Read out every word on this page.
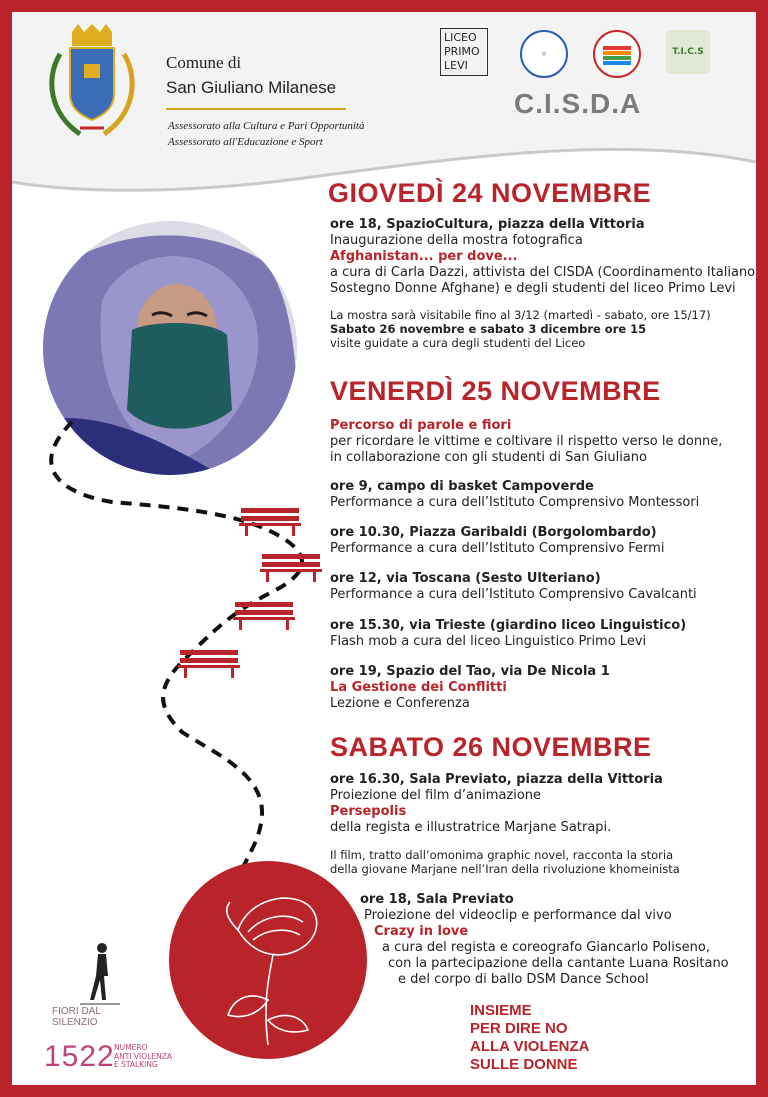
Comune di
San Giuliano Milanese
Assessorato alla Cultura e Pari Opportunità
Assessorato all'Educazione e Sport
LICEO
PRIMO
LEVI
◎	T.I.C.S
C.I.S.D.A
GIOVEDÌ 24 NOVEMBRE
ore 18, SpazioCultura, piazza della Vittoria
Inaugurazione della mostra fotografica
Afghanistan... per dove...
a cura di Carla Dazzi, attivista del CISDA (Coordinamento Italiano
Sostegno Donne Afghane) e degli studenti del liceo Primo Levi
La mostra sarà visitabile fino al 3/12 (martedì - sabato, ore 15/17)
Sabato 26 novembre e sabato 3 dicembre ore 15
visite guidate a cura degli studenti del Liceo
VENERDÌ 25 NOVEMBRE
Percorso di parole e fiori
per ricordare le vittime e coltivare il rispetto verso le donne,
in collaborazione con gli studenti di San Giuliano
ore 9, campo di basket Campoverde
Performance a cura dell’Istituto Comprensivo Montessori
ore 10.30, Piazza Garibaldi (Borgolombardo)
Performance a cura dell’Istituto Comprensivo Fermi
ore 12, via Toscana (Sesto Ulteriano)
Performance a cura dell’Istituto Comprensivo Cavalcanti
ore 15.30, via Trieste (giardino liceo Linguistico)
Flash mob a cura del liceo Linguistico Primo Levi
ore 19, Spazio del Tao, via De Nicola 1
La Gestione dei Conflitti
Lezione e Conferenza
SABATO 26 NOVEMBRE
ore 16.30, Sala Previato, piazza della Vittoria
Proiezione del film d’animazione
Persepolis
della regista e illustratrice Marjane Satrapi.
Il film, tratto dall’omonima graphic novel, racconta la storia
della giovane Marjane nell’Iran della rivoluzione khomeinista
ore 18, Sala Previato
Proiezione del videoclip e performance dal vivo
Crazy in love
a cura del regista e coreografo Giancarlo Poliseno,
con la partecipazione della cantante Luana Rositano
e del corpo di ballo DSM Dance School
FIORI DAL
SILENZIO
1522 NUMERO
ANTI VIOLENZA
E STALKING
INSIEME
PER DIRE NO
ALLA VIOLENZA
SULLE DONNE
